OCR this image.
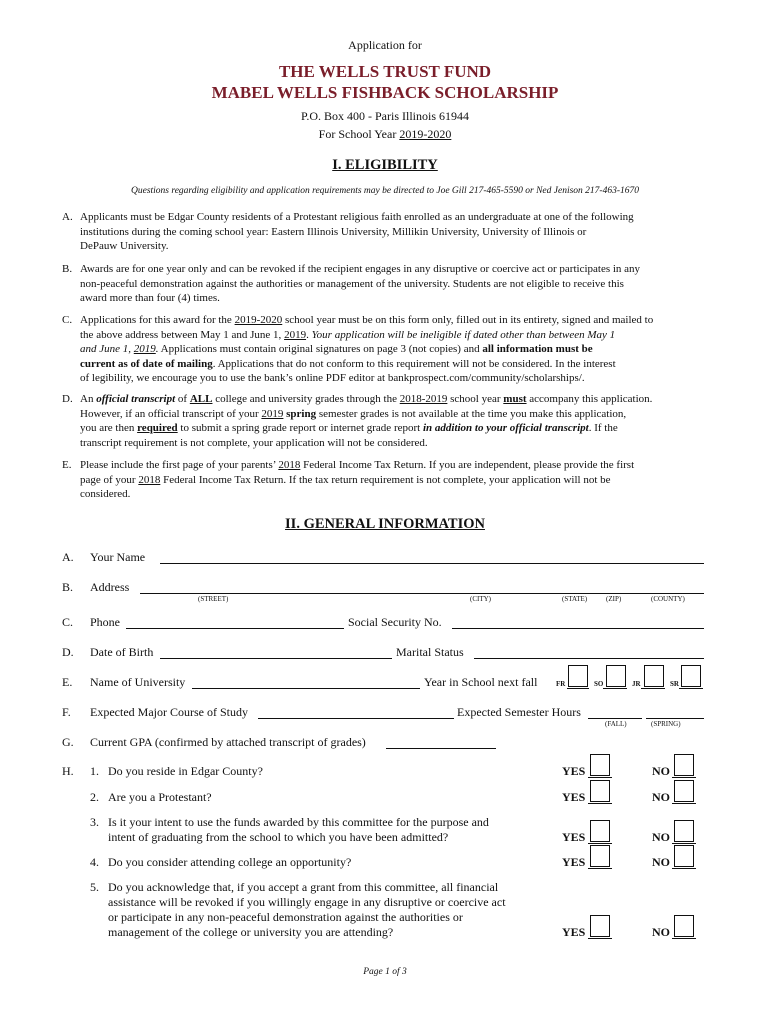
Application for
THE WELLS TRUST FUND
MABEL WELLS FISHBACK SCHOLARSHIP
P.O. Box 400 - Paris Illinois 61944
For School Year 2019-2020
I. ELIGIBILITY
Questions regarding eligibility and application requirements may be directed to Joe Gill 217-465-5590 or Ned Jenison 217-463-1670
A. Applicants must be Edgar County residents of a Protestant religious faith enrolled as an undergraduate at one of the following
institutions during the coming school year: Eastern Illinois University, Millikin University, University of Illinois or
DePauw University.
B. Awards are for one year only and can be revoked if the recipient engages in any disruptive or coercive act or participates in any
non-peaceful demonstration against the authorities or management of the university. Students are not eligible to receive this
award more than four (4) times.
C. Applications for this award for the 2019-2020 school year must be on this form only, filled out in its entirety, signed and mailed to
the above address between May 1 and June 1, 2019. Your application will be ineligible if dated other than between May 1
and June 1, 2019. Applications must contain original signatures on page 3 (not copies) and all information must be
current as of date of mailing. Applications that do not conform to this requirement will not be considered. In the interest
of legibility, we encourage you to use the bank’s online PDF editor at bankprospect.com/community/scholarships/.
D. An official transcript of ALL college and university grades through the 2018-2019 school year must accompany this application.
However, if an official transcript of your 2019 spring semester grades is not available at the time you make this application,
you are then required to submit a spring grade report or internet grade report in addition to your official transcript. If the
transcript requirement is not complete, your application will not be considered.
E. Please include the first page of your parents’ 2018 Federal Income Tax Return. If you are independent, please provide the first
page of your 2018 Federal Income Tax Return. If the tax return requirement is not complete, your application will not be
considered.
II. GENERAL INFORMATION
A. Your Name
B. Address
(STREET)	(CITY)	(STATE)	(ZIP)	(COUNTY)
C. Phone	Social Security No.
D. Date of Birth	Marital Status
E. Name of University	Year in School next fall	FR	SO	JR	SR
F. Expected Major Course of Study	Expected Semester Hours
(FALL)	(SPRING)
G. Current GPA (confirmed by attached transcript of grades)
H. 1. Do you reside in Edgar County?	YES	NO
2. Are you a Protestant?	YES	NO
3. Is it your intent to use the funds awarded by this committee for the purpose and
intent of graduating from the school to which you have been admitted?	YES	NO
4. Do you consider attending college an opportunity?	YES	NO
5. Do you acknowledge that, if you accept a grant from this committee, all financial
assistance will be revoked if you willingly engage in any disruptive or coercive act
or participate in any non-peaceful demonstration against the authorities or
management of the college or university you are attending?	YES	NO
Page 1 of 3
